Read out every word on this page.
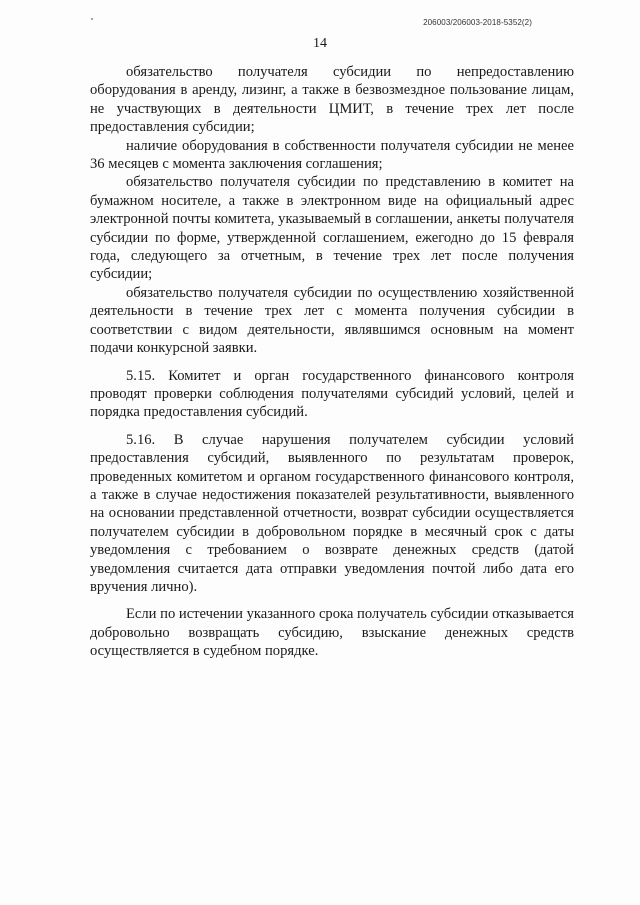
206003/206003-2018-5352(2)
14

обязательство получателя субсидии по непредоставлению оборудования в аренду, лизинг, а также в безвозмездное пользование лицам, не участвующих в деятельности ЦМИТ, в течение трех лет после предоставления субсидии;

наличие оборудования в собственности получателя субсидии не менее 36 месяцев с момента заключения соглашения;

обязательство получателя субсидии по представлению в комитет на бумажном носителе, а также в электронном виде на официальный адрес электронной почты комитета, указываемый в соглашении, анкеты получателя субсидии по форме, утвержденной соглашением, ежегодно до 15 февраля года, следующего за отчетным, в течение трех лет после получения субсидии;

обязательство получателя субсидии по осуществлению хозяйственной деятельности в течение трех лет с момента получения субсидии в соответствии с видом деятельности, являвшимся основным на момент подачи конкурсной заявки.

5.15. Комитет и орган государственного финансового контроля проводят проверки соблюдения получателями субсидий условий, целей и порядка предоставления субсидий.

5.16. В случае нарушения получателем субсидии условий предоставления субсидий, выявленного по результатам проверок, проведенных комитетом и органом государственного финансового контроля, а также в случае недостижения показателей результативности, выявленного на основании представленной отчетности, возврат субсидии осуществляется получателем субсидии в добровольном порядке в месячный срок с даты уведомления с требованием о возврате денежных средств (датой уведомления считается дата отправки уведомления почтой либо дата его вручения лично).

Если по истечении указанного срока получатель субсидии отказывается добровольно возвращать субсидию, взыскание денежных средств осуществляется в судебном порядке.
